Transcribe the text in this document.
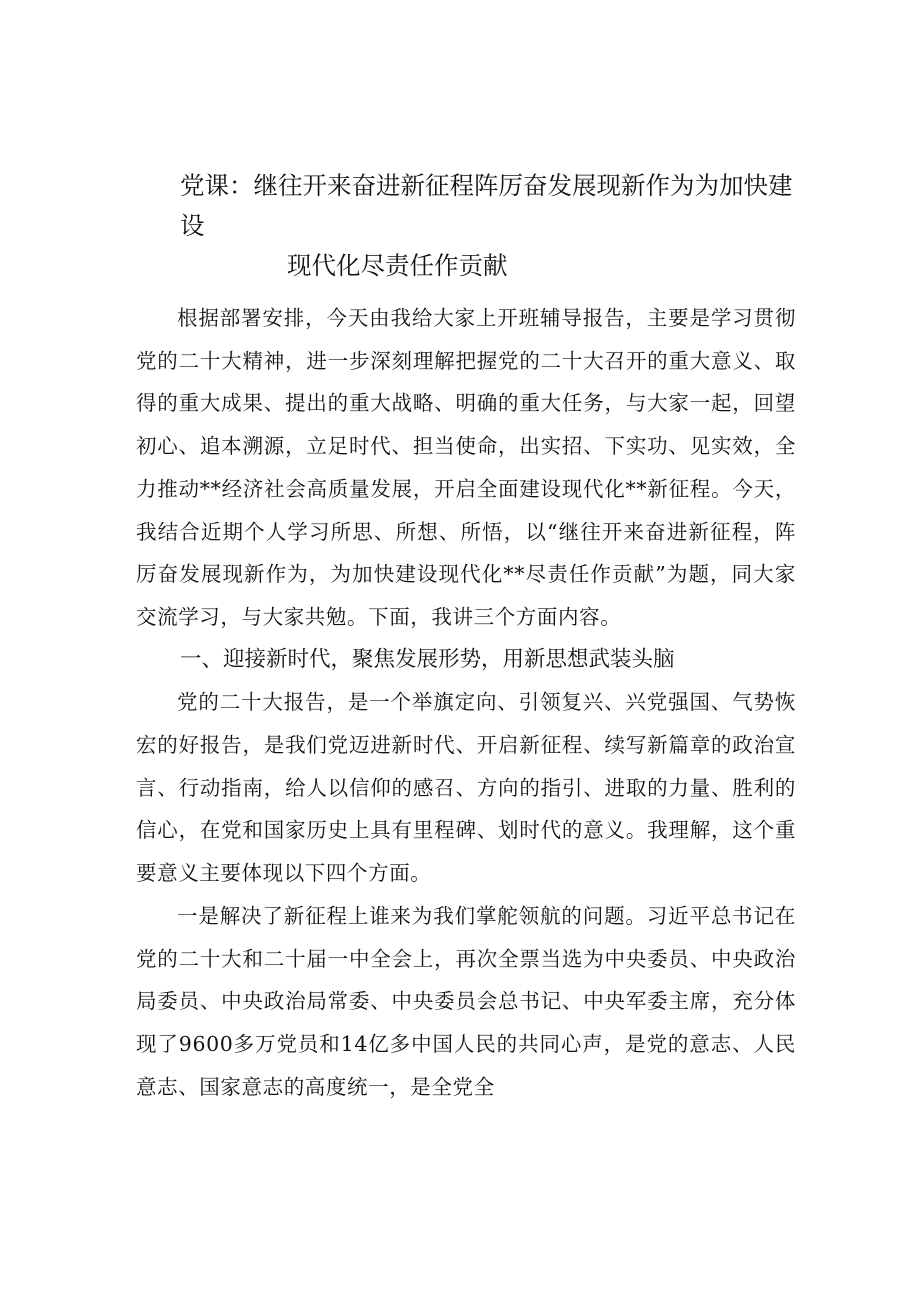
党课：继往开来奋进新征程阵厉奋发展现新作为为加快建设
现代化尽责任作贡献

根据部署安排，今天由我给大家上开班辅导报告，主要是学习贯彻党的二十大精神，进一步深刻理解把握党的二十大召开的重大意义、取得的重大成果、提出的重大战略、明确的重大任务，与大家一起，回望初心、追本溯源，立足时代、担当使命，出实招、下实功、见实效，全力推动**经济社会高质量发展，开启全面建设现代化**新征程。今天，我结合近期个人学习所思、所想、所悟，以“继往开来奋进新征程，阵厉奋发展现新作为，为加快建设现代化**尽责任作贡献”为题，同大家交流学习，与大家共勉。下面，我讲三个方面内容。

一、迎接新时代，聚焦发展形势，用新思想武装头脑

党的二十大报告，是一个举旗定向、引领复兴、兴党强国、气势恢宏的好报告，是我们党迈进新时代、开启新征程、续写新篇章的政治宣言、行动指南，给人以信仰的感召、方向的指引、进取的力量、胜利的信心，在党和国家历史上具有里程碑、划时代的意义。我理解，这个重要意义主要体现以下四个方面。

一是解决了新征程上谁来为我们掌舵领航的问题。习近平总书记在党的二十大和二十届一中全会上，再次全票当选为中央委员、中央政治局委员、中央政治局常委、中央委员会总书记、中央军委主席，充分体现了9600多万党员和14亿多中国人民的共同心声，是党的意志、人民意志、国家意志的高度统一，是全党全
